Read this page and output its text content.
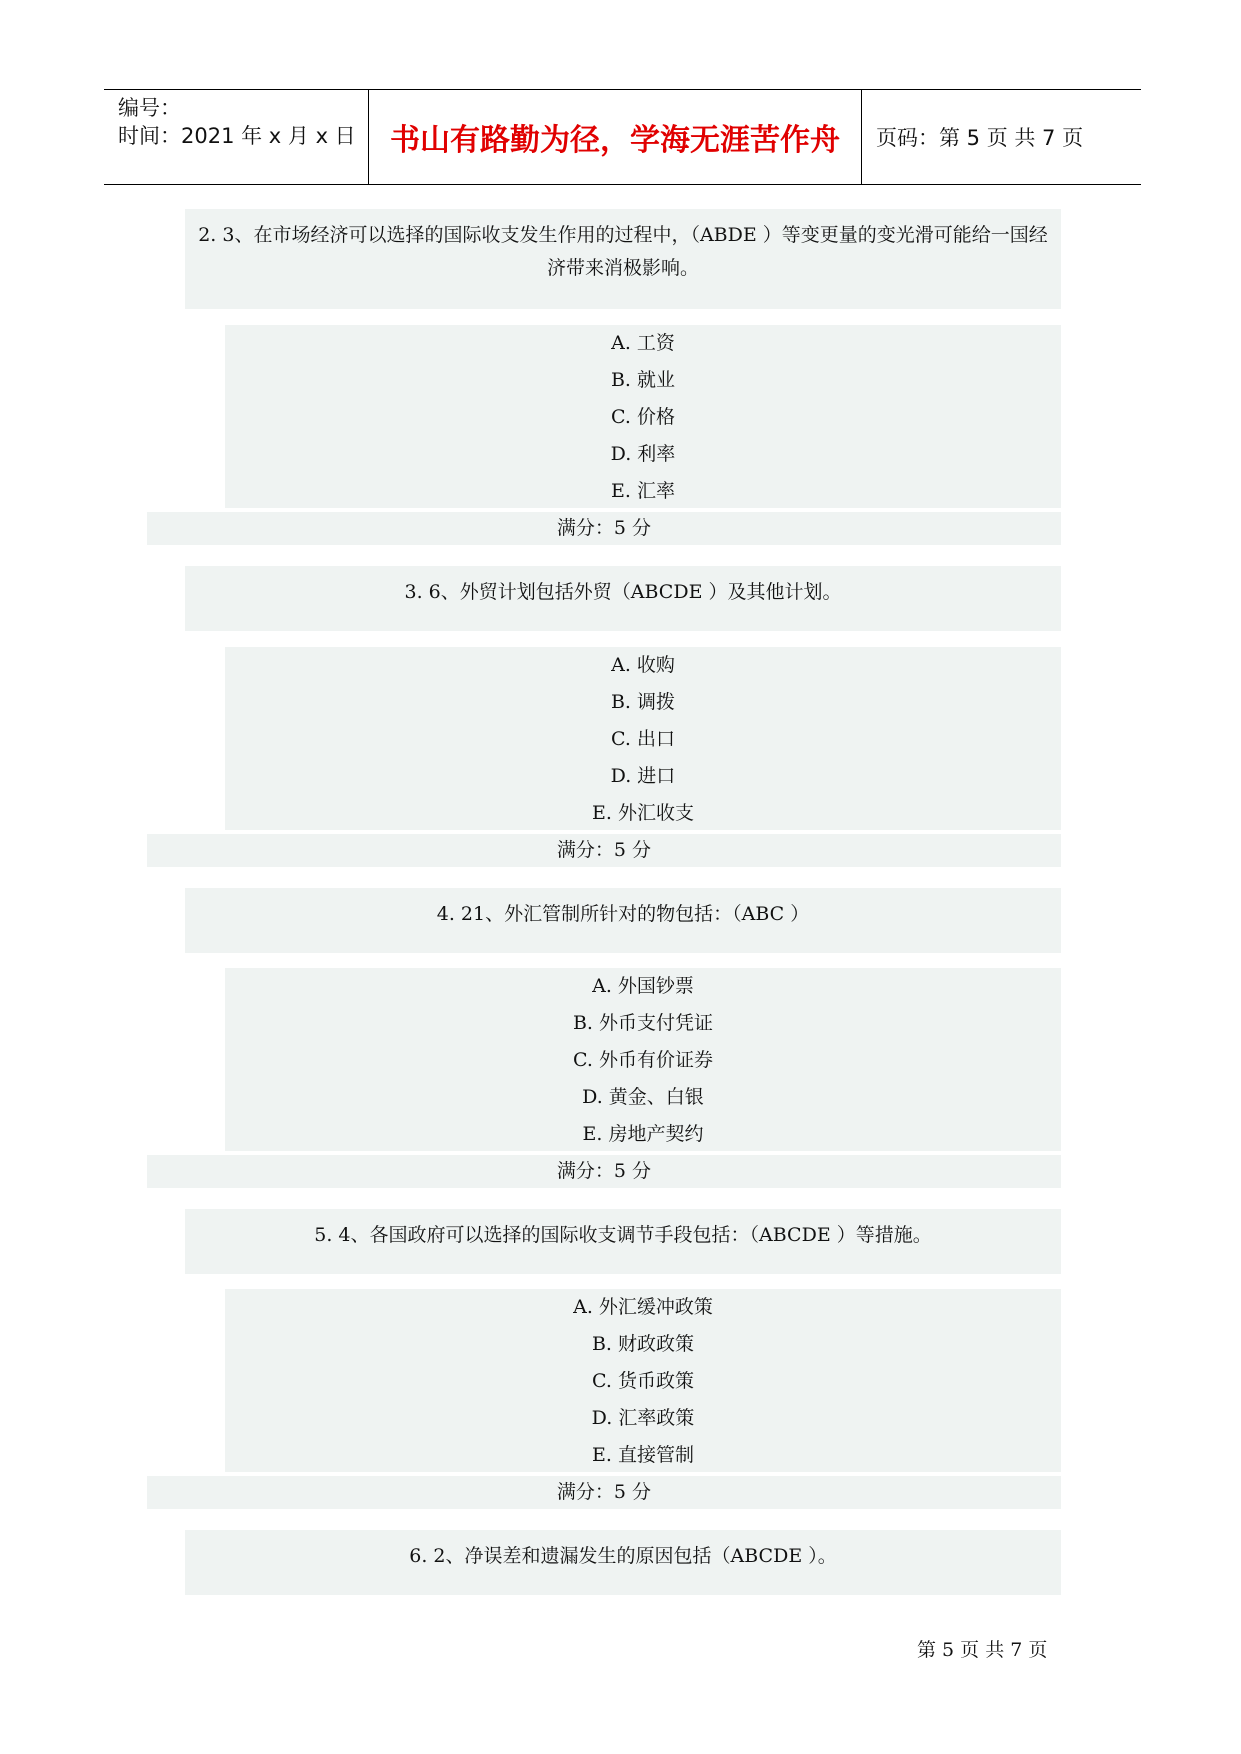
编号：
时间：2021 年 x 月 x 日	书山有路勤为径，学海无涯苦作舟	页码：第 5 页 共 7 页
2. 3、在市场经济可以选择的国际收支发生作用的过程中，（ABDE ）等变更量的变光滑可能给一国经济带来消极影响。
A. 工资
B. 就业
C. 价格
D. 利率
E. 汇率
满分：5 分
3. 6、外贸计划包括外贸（ABCDE ）及其他计划。
A. 收购
B. 调拨
C. 出口
D. 进口
E. 外汇收支
满分：5 分
4. 21、外汇管制所针对的物包括：（ABC ）
A. 外国钞票
B. 外币支付凭证
C. 外币有价证券
D. 黄金、白银
E. 房地产契约
满分：5 分
5. 4、各国政府可以选择的国际收支调节手段包括：（ABCDE ）等措施。
A. 外汇缓冲政策
B. 财政政策
C. 货币政策
D. 汇率政策
E. 直接管制
满分：5 分
6. 2、净误差和遗漏发生的原因包括（ABCDE ）。
第 5 页 共 7 页
